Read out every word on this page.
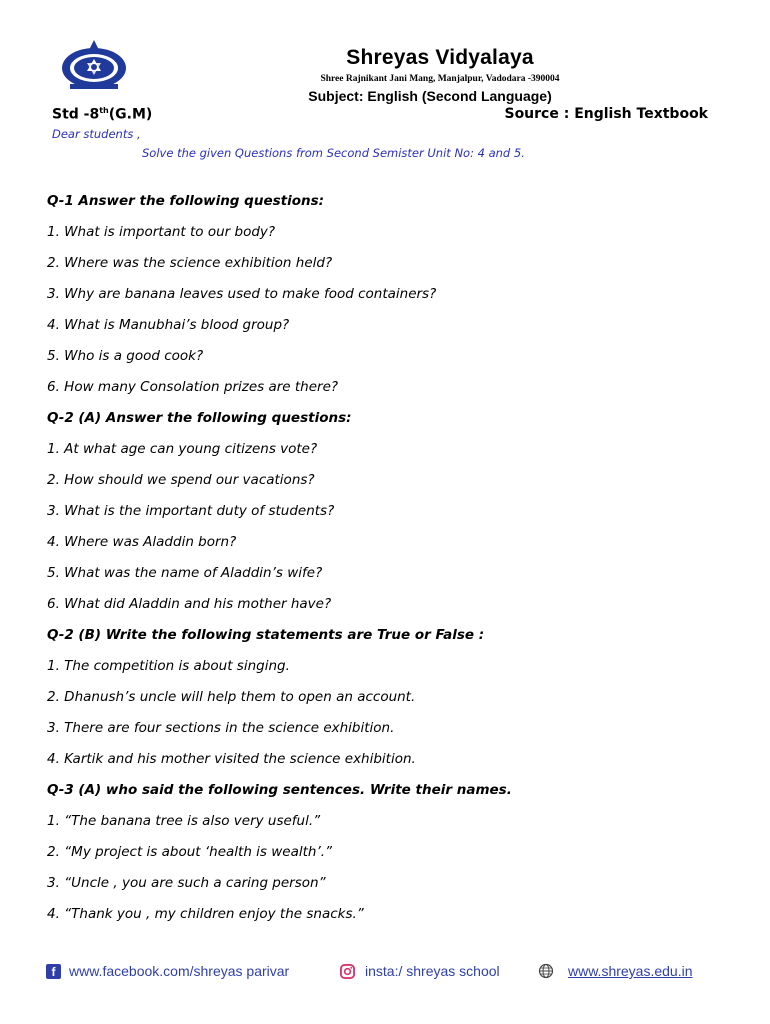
Shreyas Vidyalaya
Shree Rajnikant Jani Mang, Manjalpur, Vadodara -390004
Subject: English (Second Language)
Std -8th(G.M)	Source : English Textbook
Dear students ,
Solve the given Questions from Second Semister Unit No: 4 and 5.
Q-1 Answer the following questions:
1. What is important to our body?
2. Where was the science exhibition held?
3. Why are banana leaves used to make food containers?
4. What is Manubhai’s blood group?
5. Who is a good cook?
6. How many Consolation prizes are there?
Q-2 (A) Answer the following questions:
1. At what age can young citizens vote?
2. How should we spend our vacations?
3. What is the important duty of students?
4. Where was Aladdin born?
5. What was the name of Aladdin’s wife?
6. What did Aladdin and his mother have?
Q-2 (B) Write the following statements are True or False :
1. The competition is about singing.
2. Dhanush’s uncle will help them to open an account.
3. There are four sections in the science exhibition.
4. Kartik and his mother visited the science exhibition.
Q-3 (A) who said the following sentences. Write their names.
1. “The banana tree is also very useful.”
2. “My project is about ‘health is wealth’.”
3. “Uncle , you are such a caring person”
4. “Thank you , my children enjoy the snacks.”
f www.facebook.com/shreyas parivar	insta:/ shreyas school	www.shreyas.edu.in
